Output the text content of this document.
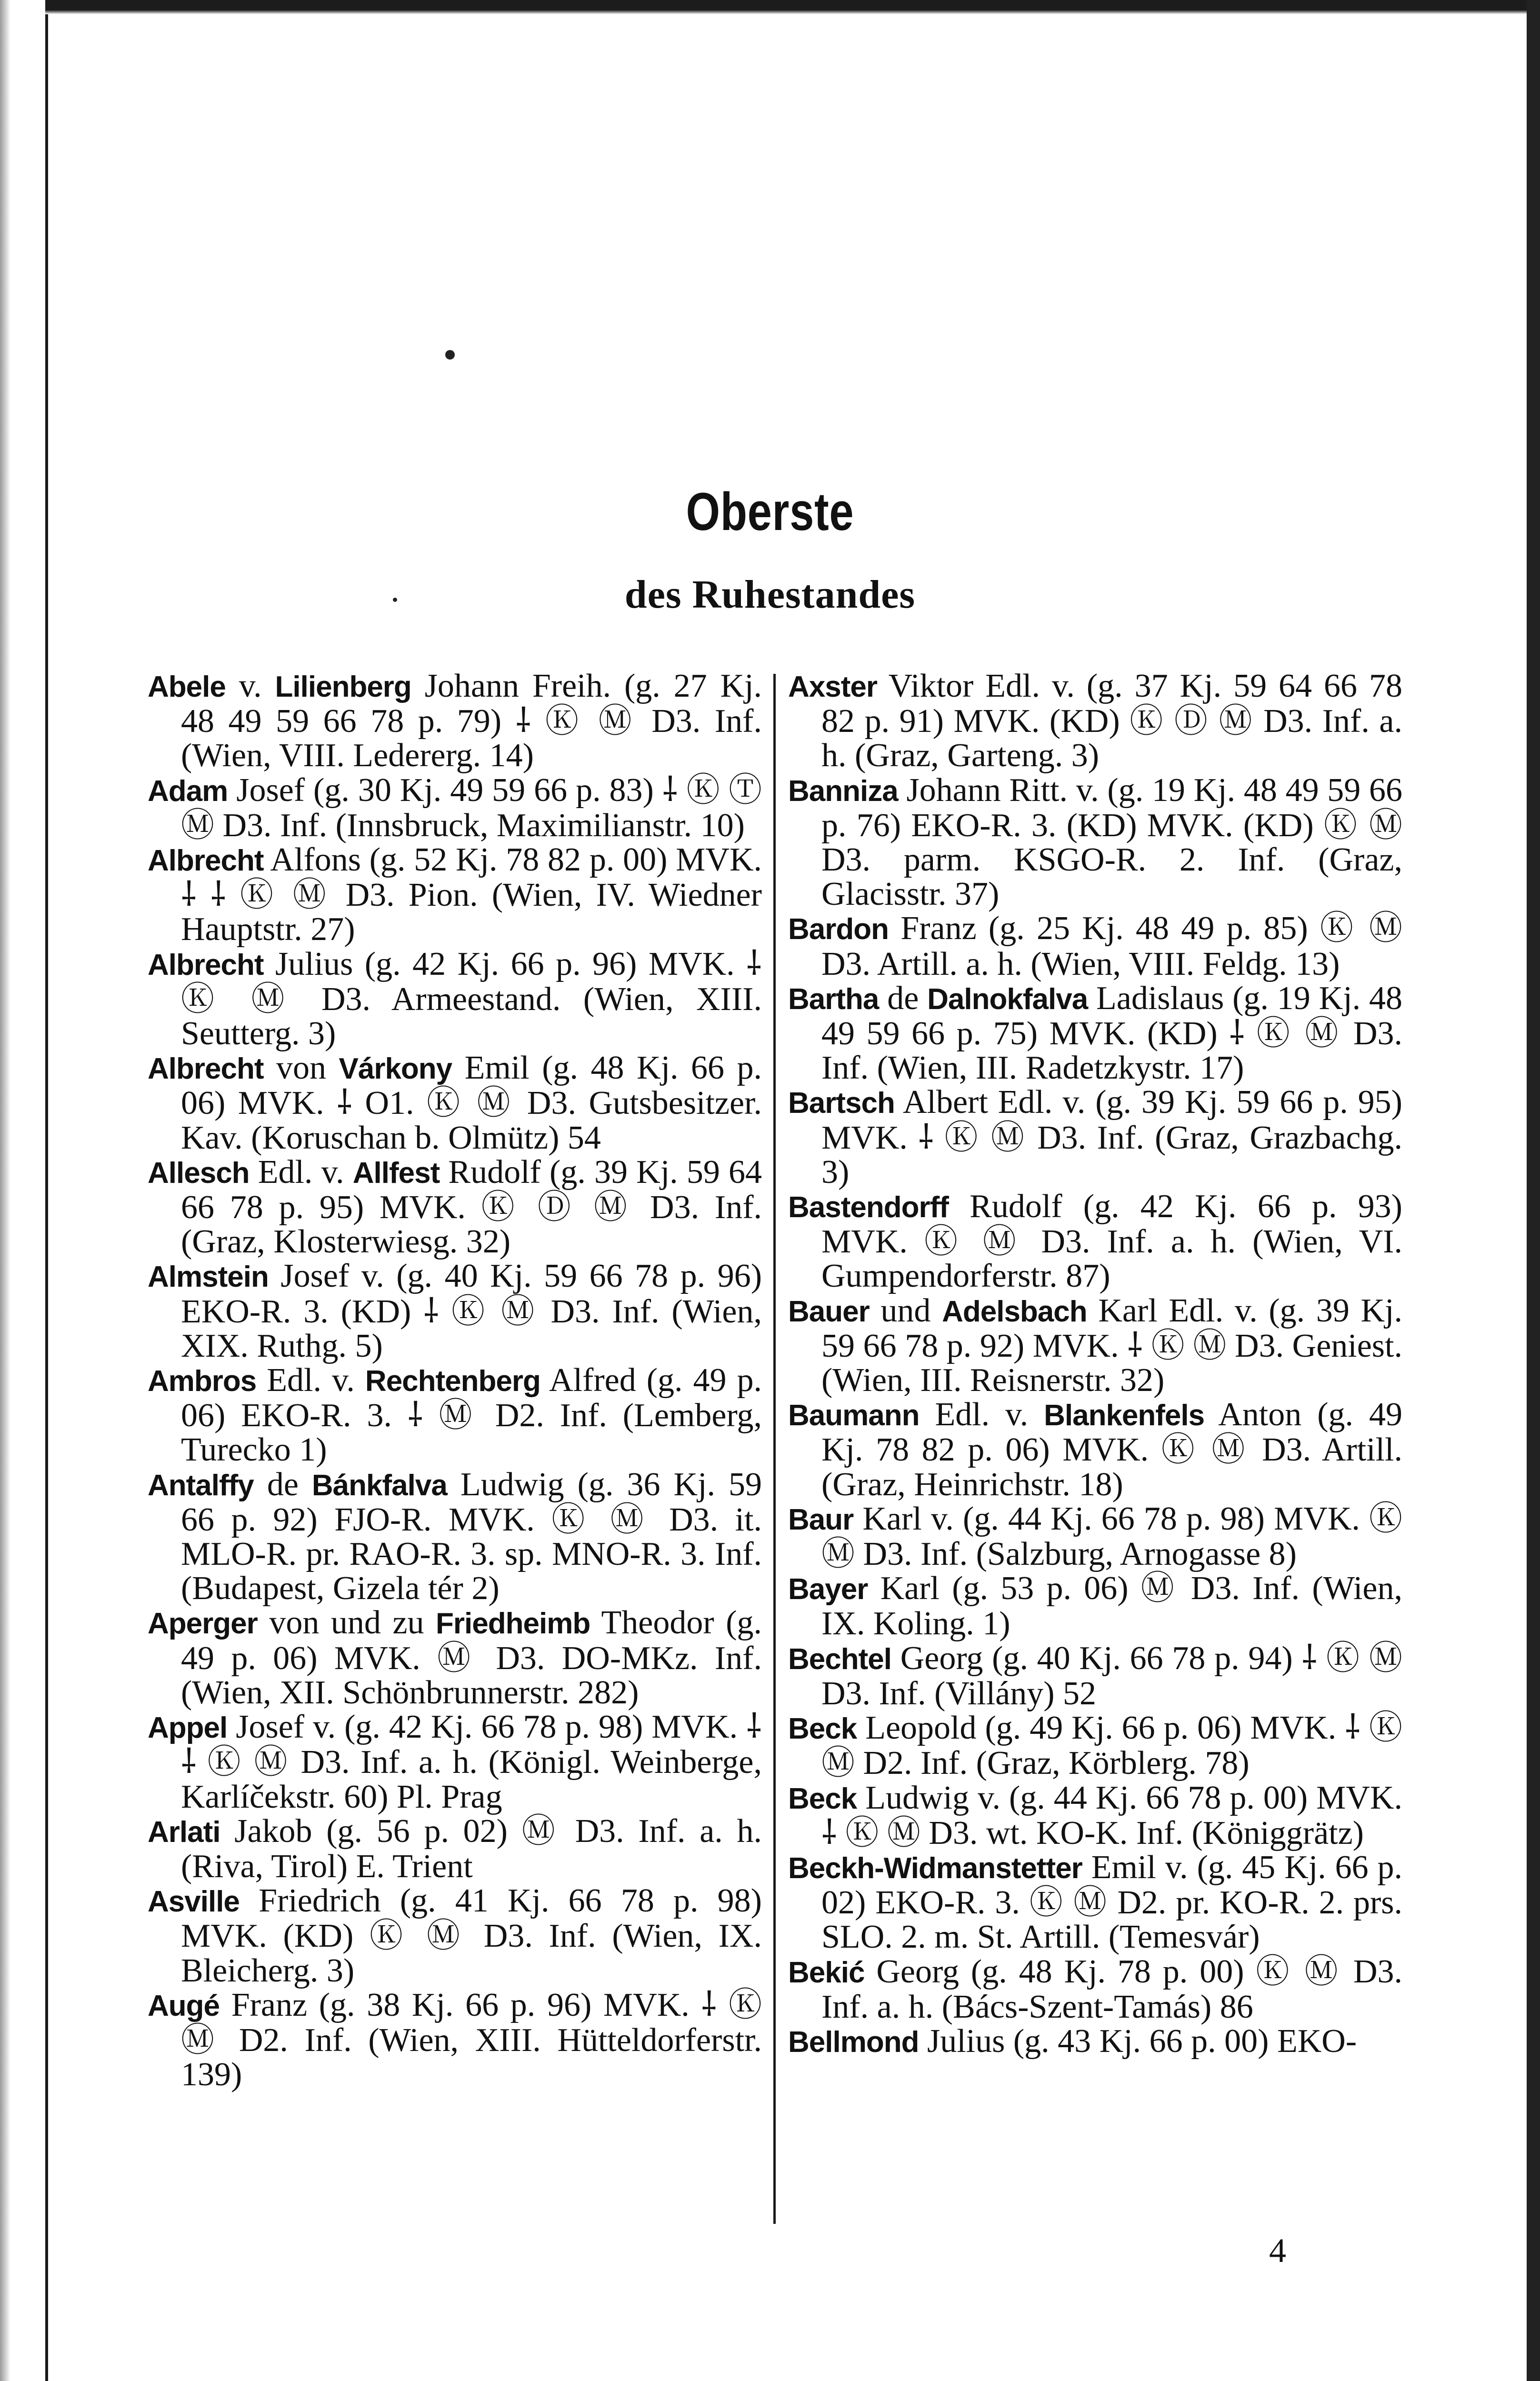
Oberste
des Ruhestandes

Abele v. Lilienberg Johann Freih. (g. 27 Kj. 48 49 59 66 78 p. 79) ⸸ Ⓚ Ⓜ D3. Inf. (Wien, VIII. Ledererg. 14)

Adam Josef (g. 30 Kj. 49 59 66 p. 83) ⸸ Ⓚ Ⓣ Ⓜ D3. Inf. (Innsbruck, Maximilianstr. 10)

Albrecht Alfons (g. 52 Kj. 78 82 p. 00) MVK. ⸸ ⸸ Ⓚ Ⓜ D3. Pion. (Wien, IV. Wiedner Hauptstr. 27)

Albrecht Julius (g. 42 Kj. 66 p. 96) MVK. ⸸ Ⓚ Ⓜ D3. Armeestand. (Wien, XIII. Seutterg. 3)

Albrecht von Várkony Emil (g. 48 Kj. 66 p. 06) MVK. ⸸ O1. Ⓚ Ⓜ D3. Gutsbesitzer. Kav. (Koruschan b. Olmütz) 54

Allesch Edl. v. Allfest Rudolf (g. 39 Kj. 59 64 66 78 p. 95) MVK. Ⓚ Ⓓ Ⓜ D3. Inf. (Graz, Klosterwiesg. 32)

Almstein Josef v. (g. 40 Kj. 59 66 78 p. 96) EKO-R. 3. (KD) ⸸ Ⓚ Ⓜ D3. Inf. (Wien, XIX. Ruthg. 5)

Ambros Edl. v. Rechtenberg Alfred (g. 49 p. 06) EKO-R. 3. ⸸ Ⓜ D2. Inf. (Lemberg, Turecko 1)

Antalffy de Bánkfalva Ludwig (g. 36 Kj. 59 66 p. 92) FJO-R. MVK. Ⓚ Ⓜ D3. it. MLO-R. pr. RAO-R. 3. sp. MNO-R. 3. Inf. (Budapest, Gizela tér 2)

Aperger von und zu Friedheimb Theodor (g. 49 p. 06) MVK. Ⓜ D3. DO-MKz. Inf. (Wien, XII. Schönbrunnerstr. 282)

Appel Josef v. (g. 42 Kj. 66 78 p. 98) MVK. ⸸ ⸸ Ⓚ Ⓜ D3. Inf. a. h. (Königl. Weinberge, Karlíčekstr. 60) Pl. Prag

Arlati Jakob (g. 56 p. 02) Ⓜ D3. Inf. a. h. (Riva, Tirol) E. Trient

Asville Friedrich (g. 41 Kj. 66 78 p. 98) MVK. (KD) Ⓚ Ⓜ D3. Inf. (Wien, IX. Bleicherg. 3)

Augé Franz (g. 38 Kj. 66 p. 96) MVK. ⸸ Ⓚ Ⓜ D2. Inf. (Wien, XIII. Hütteldorferstr. 139)

Axster Viktor Edl. v. (g. 37 Kj. 59 64 66 78 82 p. 91) MVK. (KD) Ⓚ Ⓓ Ⓜ D3. Inf. a. h. (Graz, Garteng. 3)

Banniza Johann Ritt. v. (g. 19 Kj. 48 49 59 66 p. 76) EKO-R. 3. (KD) MVK. (KD) Ⓚ Ⓜ D3. parm. KSGO-R. 2. Inf. (Graz, Glacisstr. 37)

Bardon Franz (g. 25 Kj. 48 49 p. 85) Ⓚ Ⓜ D3. Artill. a. h. (Wien, VIII. Feldg. 13)

Bartha de Dalnokfalva Ladislaus (g. 19 Kj. 48 49 59 66 p. 75) MVK. (KD) ⸸ Ⓚ Ⓜ D3. Inf. (Wien, III. Radetzkystr. 17)

Bartsch Albert Edl. v. (g. 39 Kj. 59 66 p. 95) MVK. ⸸ Ⓚ Ⓜ D3. Inf. (Graz, Grazbachg. 3)

Bastendorff Rudolf (g. 42 Kj. 66 p. 93) MVK. Ⓚ Ⓜ D3. Inf. a. h. (Wien, VI. Gumpendorferstr. 87)

Bauer und Adelsbach Karl Edl. v. (g. 39 Kj. 59 66 78 p. 92) MVK. ⸸ Ⓚ Ⓜ D3. Geniest. (Wien, III. Reisnerstr. 32)

Baumann Edl. v. Blankenfels Anton (g. 49 Kj. 78 82 p. 06) MVK. Ⓚ Ⓜ D3. Artill. (Graz, Heinrichstr. 18)

Baur Karl v. (g. 44 Kj. 66 78 p. 98) MVK. Ⓚ Ⓜ D3. Inf. (Salzburg, Arnogasse 8)

Bayer Karl (g. 53 p. 06) Ⓜ D3. Inf. (Wien, IX. Koling. 1)

Bechtel Georg (g. 40 Kj. 66 78 p. 94) ⸸ Ⓚ Ⓜ D3. Inf. (Villány) 52

Beck Leopold (g. 49 Kj. 66 p. 06) MVK. ⸸ Ⓚ Ⓜ D2. Inf. (Graz, Körblerg. 78)

Beck Ludwig v. (g. 44 Kj. 66 78 p. 00) MVK. ⸸ Ⓚ Ⓜ D3. wt. KO-K. Inf. (Königgrätz)

Beckh-Widmanstetter Emil v. (g. 45 Kj. 66 p. 02) EKO-R. 3. Ⓚ Ⓜ D2. pr. KO-R. 2. prs. SLO. 2. m. St. Artill. (Temesvár)

Bekić Georg (g. 48 Kj. 78 p. 00) Ⓚ Ⓜ D3. Inf. a. h. (Bács-Szent-Tamás) 86

Bellmond Julius (g. 43 Kj. 66 p. 00) EKO-

4
